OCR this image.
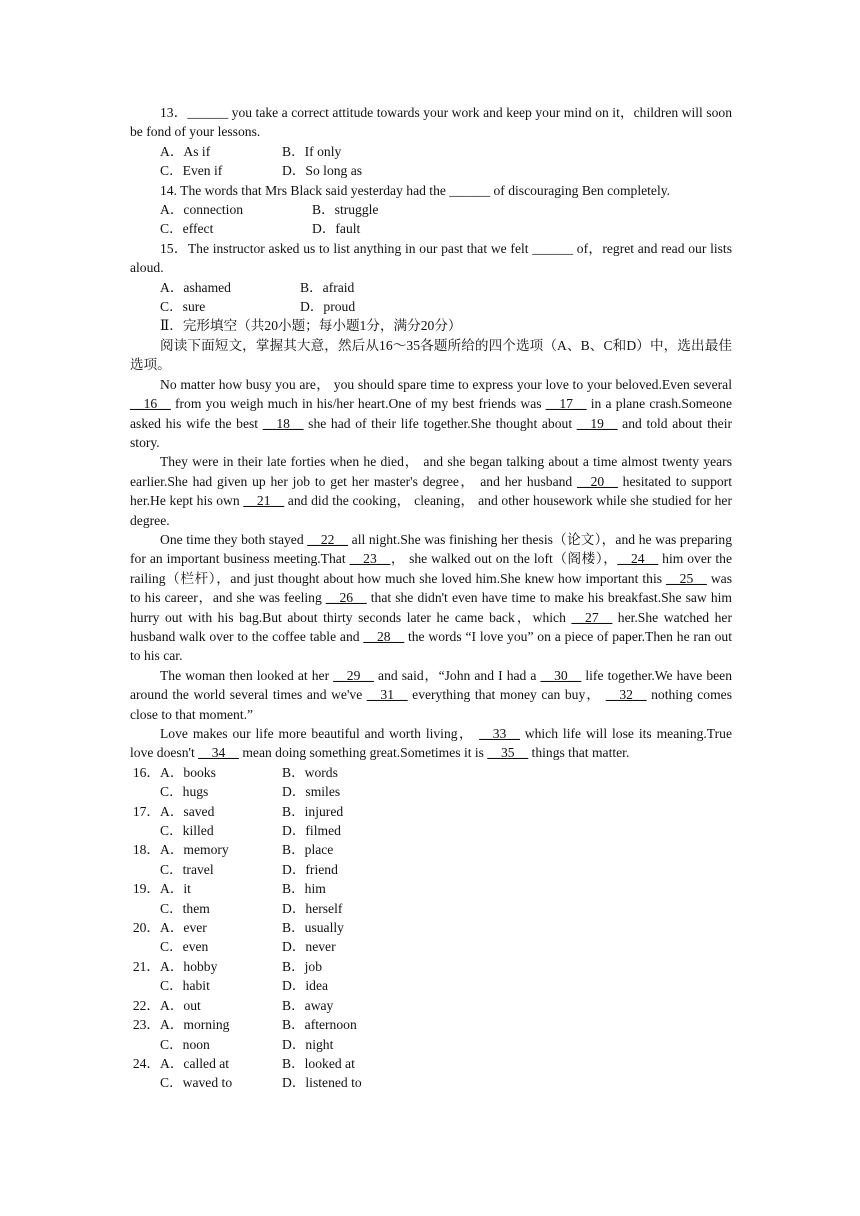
13．______ you take a correct attitude towards your work and keep your mind on it，children will soon be fond of your lessons.

A．As if	B．If only

C．Even if	D．So long as

14. The words that Mrs Black said yesterday had the ______ of discouraging Ben completely.

A．connection	B．struggle

C．effect	D．fault

15．The instructor asked us to list anything in our past that we felt ______ of，regret and read our lists aloud.

A．ashamed	B．afraid

C．sure	D．proud

Ⅱ．完形填空（共20小题；每小题1分，满分20分）

阅读下面短文，掌握其大意，然后从16～35各题所给的四个选项（A、B、C和D）中，选出最佳选项。

No matter how busy you are， you should spare time to express your love to your beloved.Even several __16__ from you weigh much in his/her heart.One of my best friends was __17__ in a plane crash.Someone asked his wife the best __18__ she had of their life together.She thought about __19__ and told about their story.

They were in their late forties when he died， and she began talking about a time almost twenty years earlier.She had given up her job to get her master's degree， and her husband __20__ hesitated to support her.He kept his own __21__ and did the cooking， cleaning， and other housework while she studied for her degree.

One time they both stayed __22__ all night.She was finishing her thesis（论文），and he was preparing for an important business meeting.That __23__， she walked out on the loft（阁楼），__24__ him over the railing（栏杆），and just thought about how much she loved him.She knew how important this __25__ was to his career，and she was feeling __26__ that she didn't even have time to make his breakfast.She saw him hurry out with his bag.But about thirty seconds later he came back，which __27__ her.She watched her husband walk over to the coffee table and __28__ the words “I love you” on a piece of paper.Then he ran out to his car.

The woman then looked at her __29__ and said，“John and I had a __30__ life together.We have been around the world several times and we've __31__ everything that money can buy， __32__ nothing comes close to that moment.”

Love makes our life more beautiful and worth living， __33__ which life will lose its meaning.True love doesn't __34__ mean doing something great.Sometimes it is __35__ things that matter.

16．A．books	B．words

C．hugs	D．smiles

17．A．saved	B．injured

C．killed	D．filmed

18．A．memory	B．place

C．travel	D．friend

19．A．it	B．him

C．them	D．herself

20．A．ever	B．usually

C．even	D．never

21．A．hobby	B．job

C．habit	D．idea

22．A．out	B．away

23．A．morning	B．afternoon

C．noon	D．night

24．A．called at	B．looked at

C．waved to	D．listened to
